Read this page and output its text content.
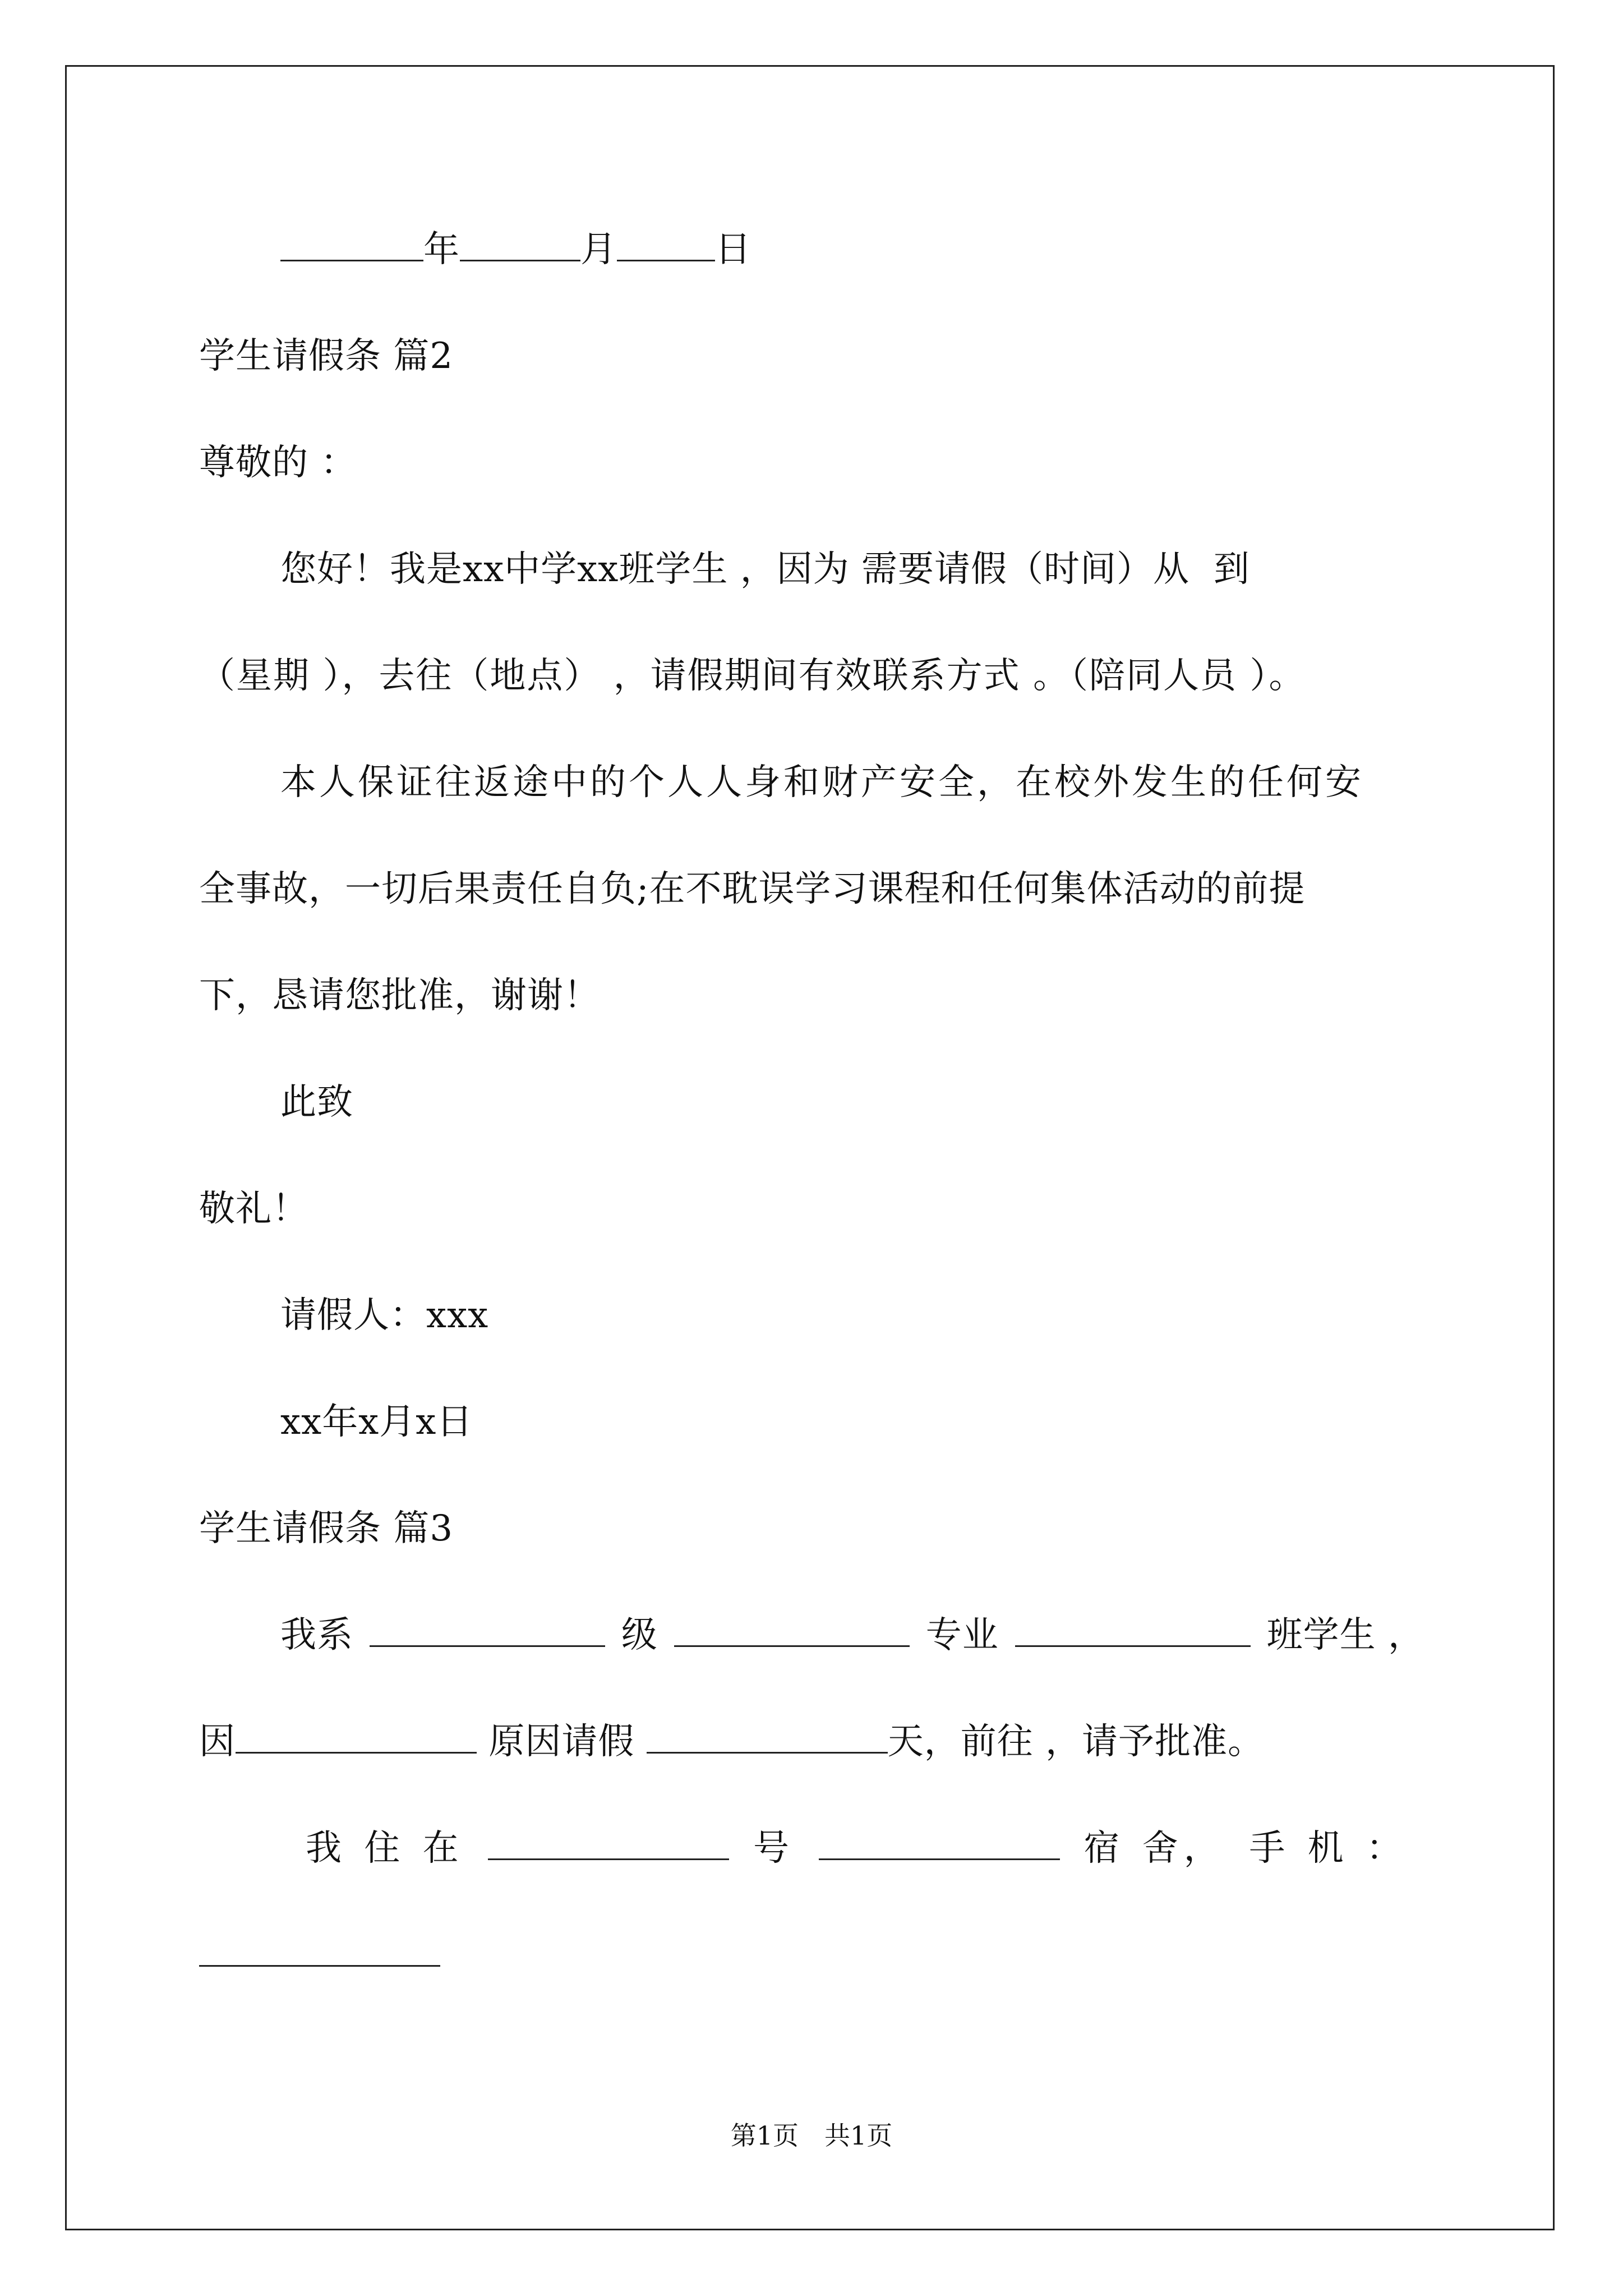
年	月	日
学生请假条 篇2
尊敬的 ：
您好！我是xx中学xx班学生 ，因为 需要请假（时间）从  到
（星期 ），去往（地点） ，请假期间有效联系方式 。（陪同人员 ）。
本人保证往返途中的个人人身和财产安全，在校外发生的任何安
全事故，一切后果责任自负;在不耽误学习课程和任何集体活动的前提
下，恳请您批准，谢谢！
此致
敬礼！
请假人：xxx
xx年x月x日
学生请假条 篇3
我系	级	专业	班学生 ，
因	原因请假	天，前往 ，请予批准。
我 住 在	号	宿 舍， 手 机 ：
第1页　共1页
